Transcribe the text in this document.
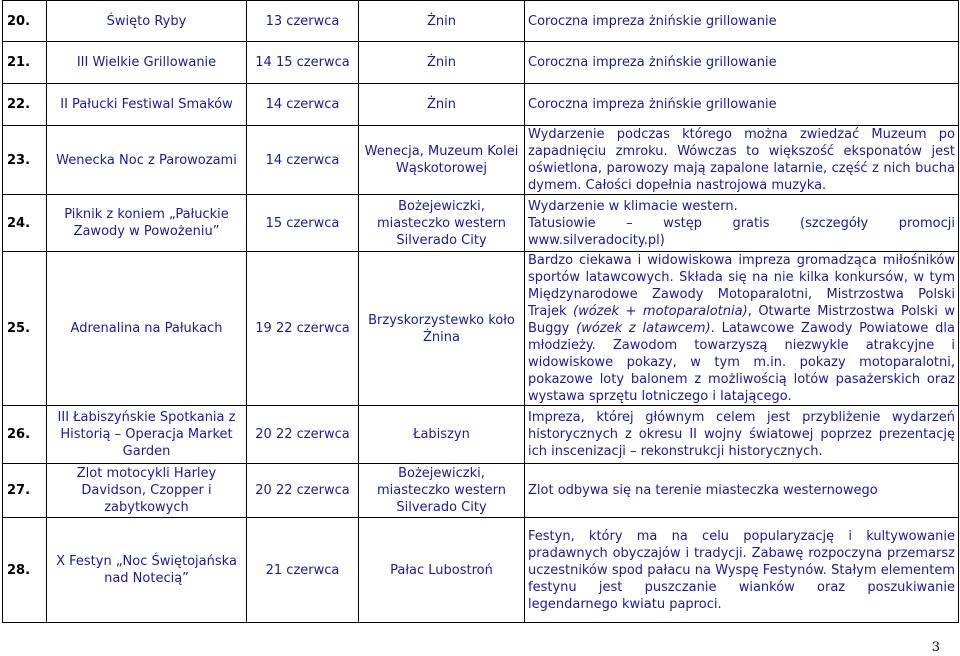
20.	Święto Ryby	13 czerwca	Żnin	Coroczna impreza żnińskie grillowanie
21.	III Wielkie Grillowanie	14 15 czerwca	Żnin	Coroczna impreza żnińskie grillowanie
22.	II Pałucki Festiwal Smaków	14 czerwca	Żnin	Coroczna impreza żnińskie grillowanie
23.	Wenecka Noc z Parowozami	14 czerwca	Wenecja, Muzeum Kolei Wąskotorowej	Wydarzenie podczas którego można zwiedzać Muzeum po zapadnięciu zmroku. Wówczas to większość eksponatów jest oświetlona, parowozy mają zapalone latarnie, część z nich bucha dymem. Całości dopełnia nastrojowa muzyka.
24.	Piknik z koniem „Pałuckie Zawody w Powożeniu”	15 czerwca	Bożejewiczki, miasteczko western Silverado City	Wydarzenie w klimacie western.

Tatusiowie – wstęp gratis (szczegóły promocji www.silveradocity.pl)

25.	Adrenalina na Pałukach	19 22 czerwca	Brzyskorzystewko koło Żnina	Bardzo ciekawa i widowiskowa impreza gromadząca miłośników sportów latawcowych. Składa się na nie kilka konkursów, w tym Międzynarodowe Zawody Motoparalotni, Mistrzostwa Polski Trajek (wózek + motoparalotnia), Otwarte Mistrzostwa Polski w Buggy (wózek z latawcem). Latawcowe Zawody Powiatowe dla młodzieży. Zawodom towarzyszą niezwykle atrakcyjne i widowiskowe pokazy, w tym m.in. pokazy motoparalotni, pokazowe loty balonem z możliwością lotów pasażerskich oraz wystawa sprzętu lotniczego i latającego.
26.	III Łabiszyńskie Spotkania z Historią – Operacja Market Garden	20 22 czerwca	Łabiszyn	Impreza, której głównym celem jest przybliżenie wydarzeń historycznych z okresu II wojny światowej poprzez prezentację ich inscenizacji – rekonstrukcji historycznych.
27.	Zlot motocykli Harley Davidson, Czopper i zabytkowych	20 22 czerwca	Bożejewiczki, miasteczko western Silverado City	Zlot odbywa się na terenie miasteczka westernowego
28.	X Festyn „Noc Świętojańska nad Notecią”	21 czerwca	Pałac Lubostroń	Festyn, który ma na celu popularyzację i kultywowanie pradawnych obyczajów i tradycji. Zabawę rozpoczyna przemarsz uczestników spod pałacu na Wyspę Festynów. Stałym elementem festynu jest puszczanie wianków oraz poszukiwanie legendarnego kwiatu paproci.
3
